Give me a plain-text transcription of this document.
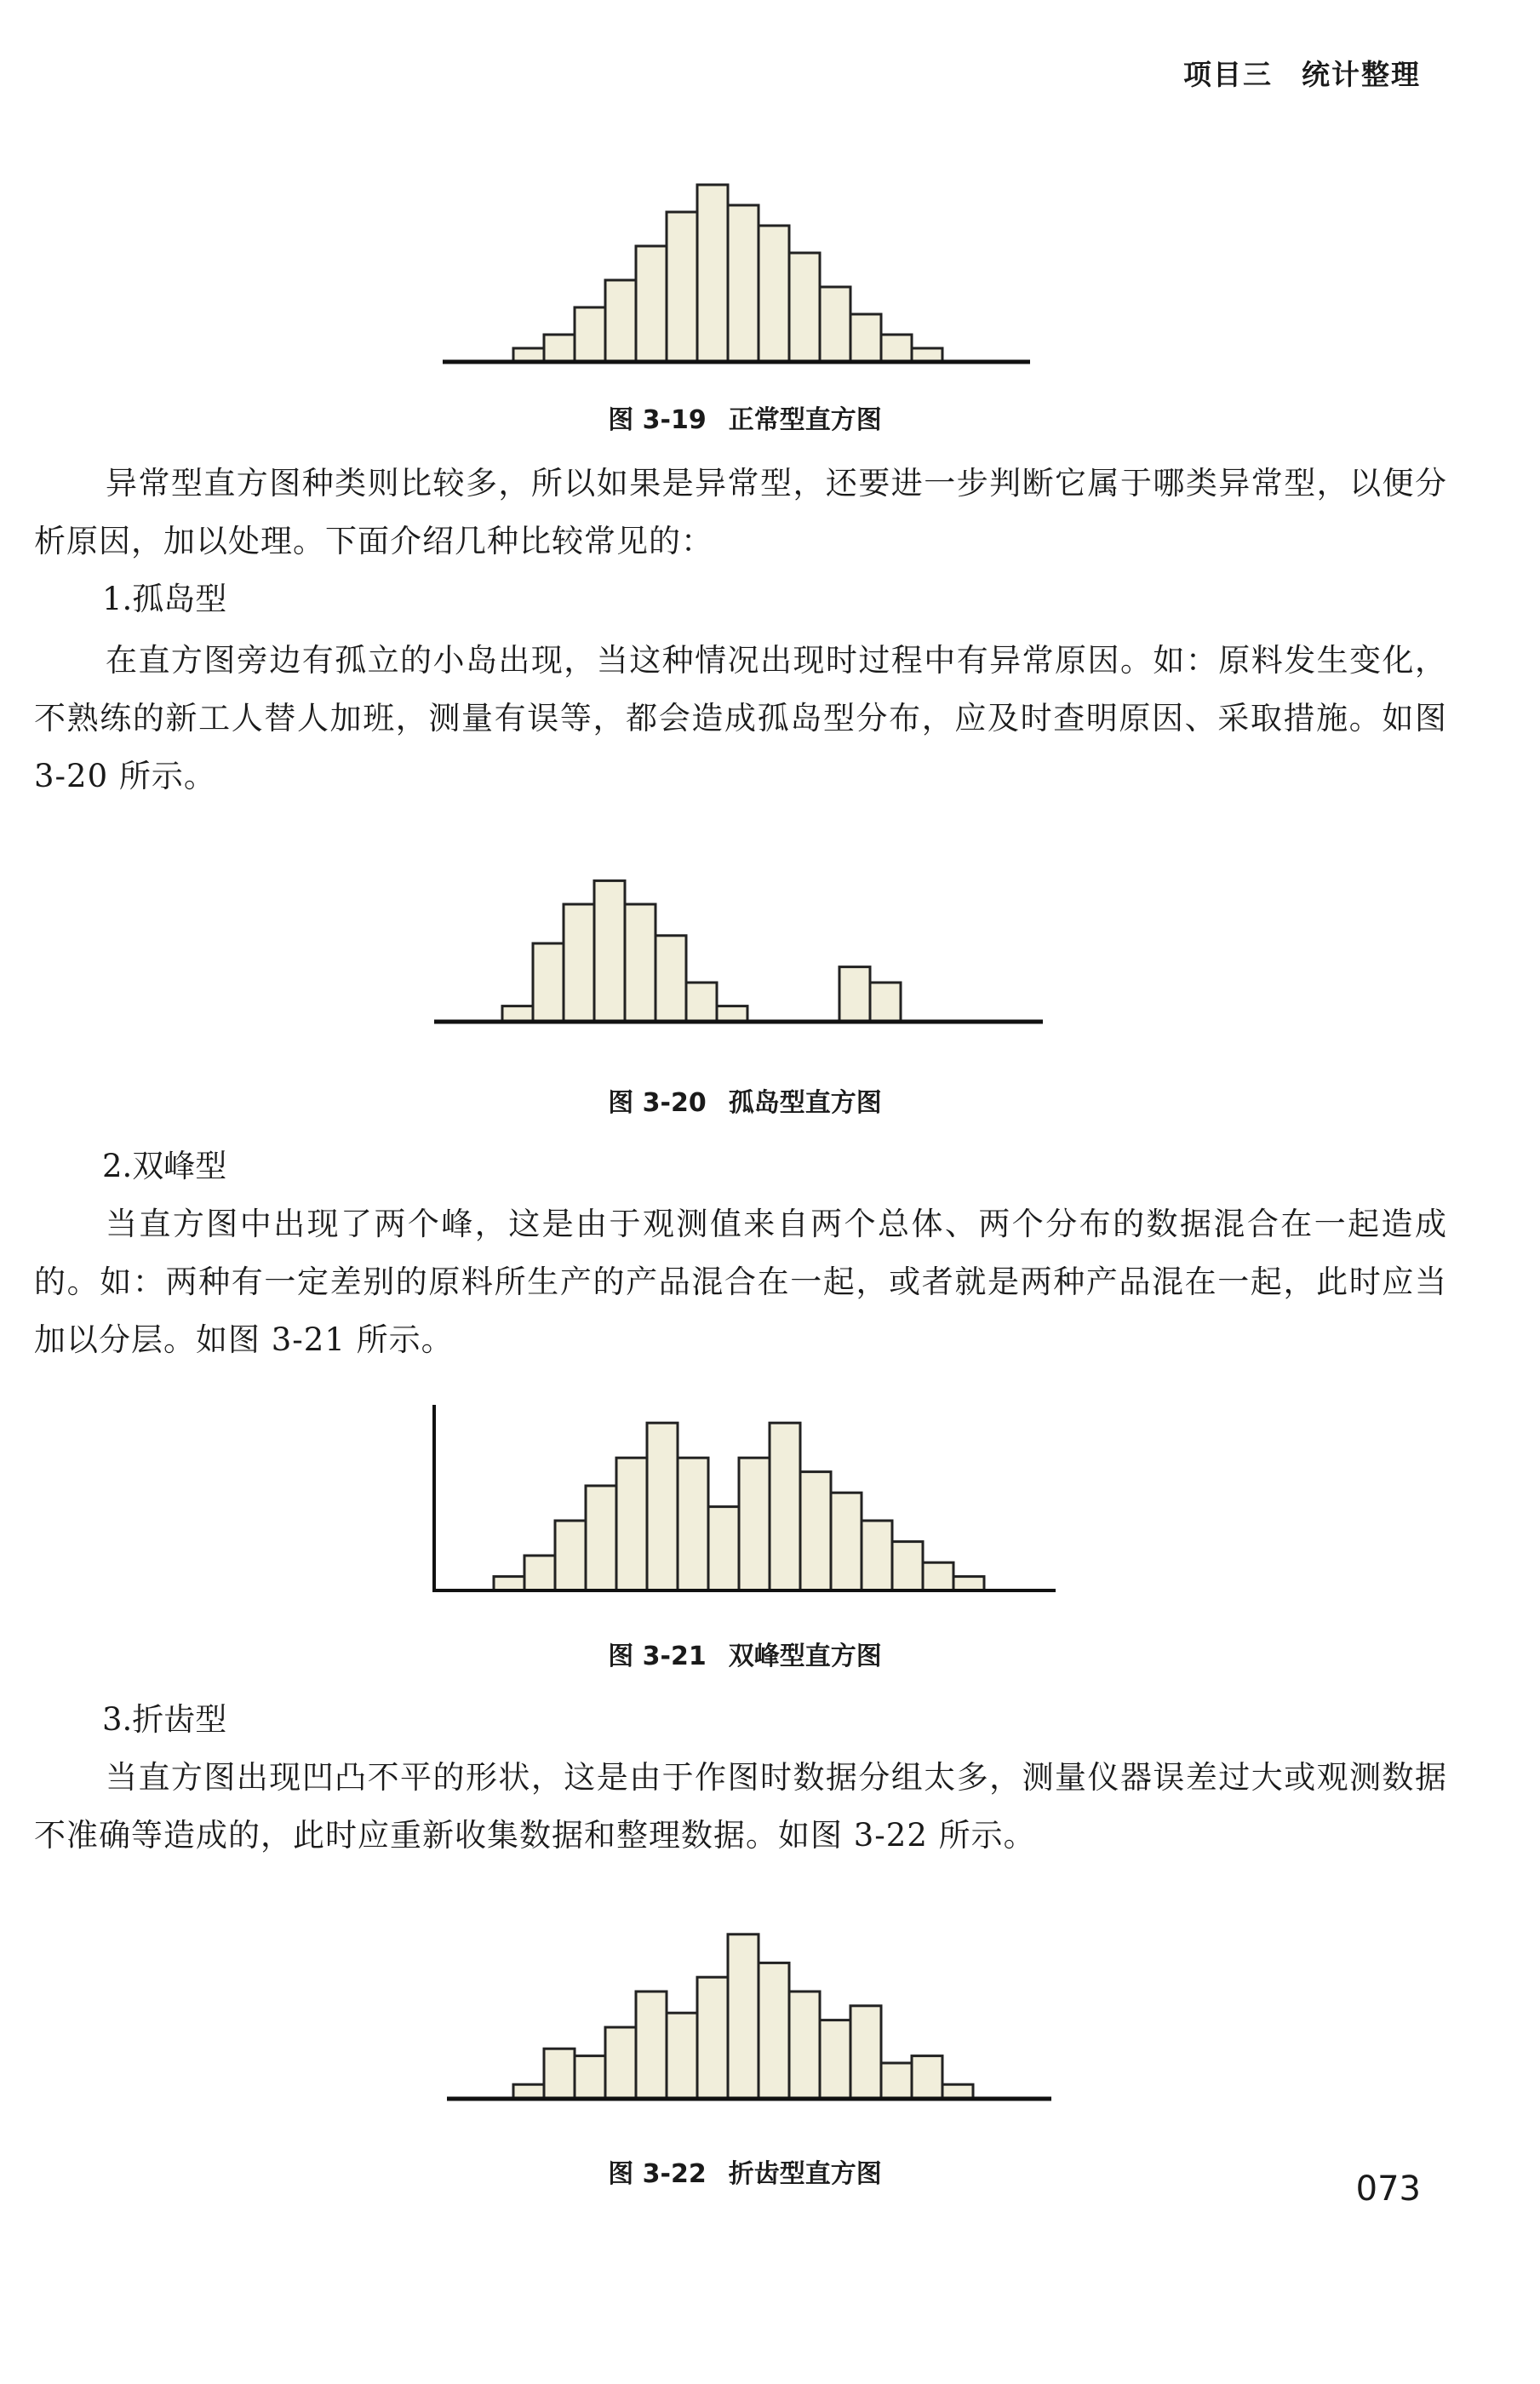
项目三 统计整理
图 3-19 正常型直方图
异常型直方图种类则比较多，所以如果是异常型，还要进一步判断它属于哪类异常型，以便分析原因，加以处理。下面介绍几种比较常见的：
1.孤岛型
在直方图旁边有孤立的小岛出现，当这种情况出现时过程中有异常原因。如：原料发生变化，不熟练的新工人替人加班，测量有误等，都会造成孤岛型分布，应及时查明原因、采取措施。如图 3-20 所示。
图 3-20 孤岛型直方图
2.双峰型
当直方图中出现了两个峰，这是由于观测值来自两个总体、两个分布的数据混合在一起造成的。如：两种有一定差别的原料所生产的产品混合在一起，或者就是两种产品混在一起，此时应当加以分层。如图 3-21 所示。
图 3-21 双峰型直方图
3.折齿型
当直方图出现凹凸不平的形状，这是由于作图时数据分组太多，测量仪器误差过大或观测数据不准确等造成的，此时应重新收集数据和整理数据。如图 3-22 所示。
图 3-22 折齿型直方图	073
